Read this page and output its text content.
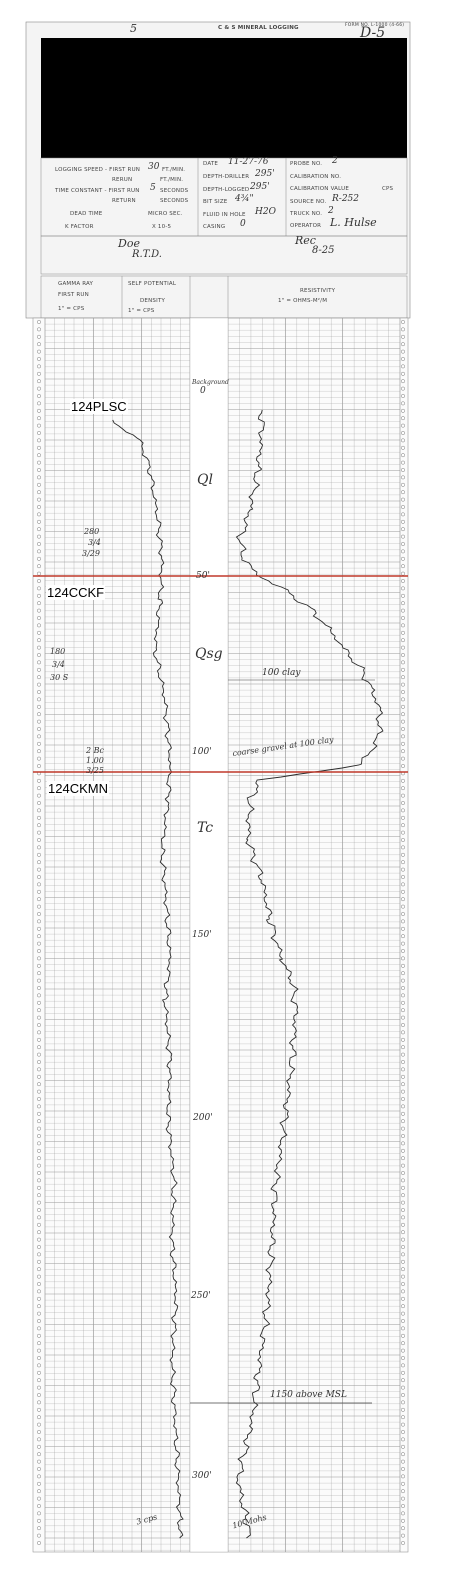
5	C & S MINERAL LOGGING	FORM NO. L-1000 (4-66)
D-5
LOGGING SPEED - FIRST RUN 30 FT./MIN.
RERUN	FT./MIN.
TIME CONSTANT - FIRST RUN 5 SECONDS
RETURN	SECONDS
DEAD TIME	MICRO SEC.
K FACTOR	X 10-5
DATE 11-27-76
DEPTH-DRILLER 295'
DEPTH-LOGGED 295'
BIT SIZE 4¾"
FLUID IN HOLE H2O
CASING 0
PROBE NO. 2
CALIBRATION NO.
CALIBRATION VALUE	CPS
SOURCE NO. R-252
TRUCK NO. 2
OPERATOR L. Hulse
Doe
R.T.D.
Rec
8-25
GAMMA RAY
FIRST RUN
1" = CPS
SELF POTENTIAL
DENSITY
1" = CPS
RESISTIVITY
1" = OHMS-M²/M
Background
0
50'
100'
150'
200'
250'
300'
Ql
Qsg
Tc
124PLSC
124CCKF
124CKMN
280
3/4
3/29
180
3/4
30 S
2 Bc
1.00
3/25
coarse gravel at 100 clay
100 clay
1150 above MSL
3 cps	10 Mohs
